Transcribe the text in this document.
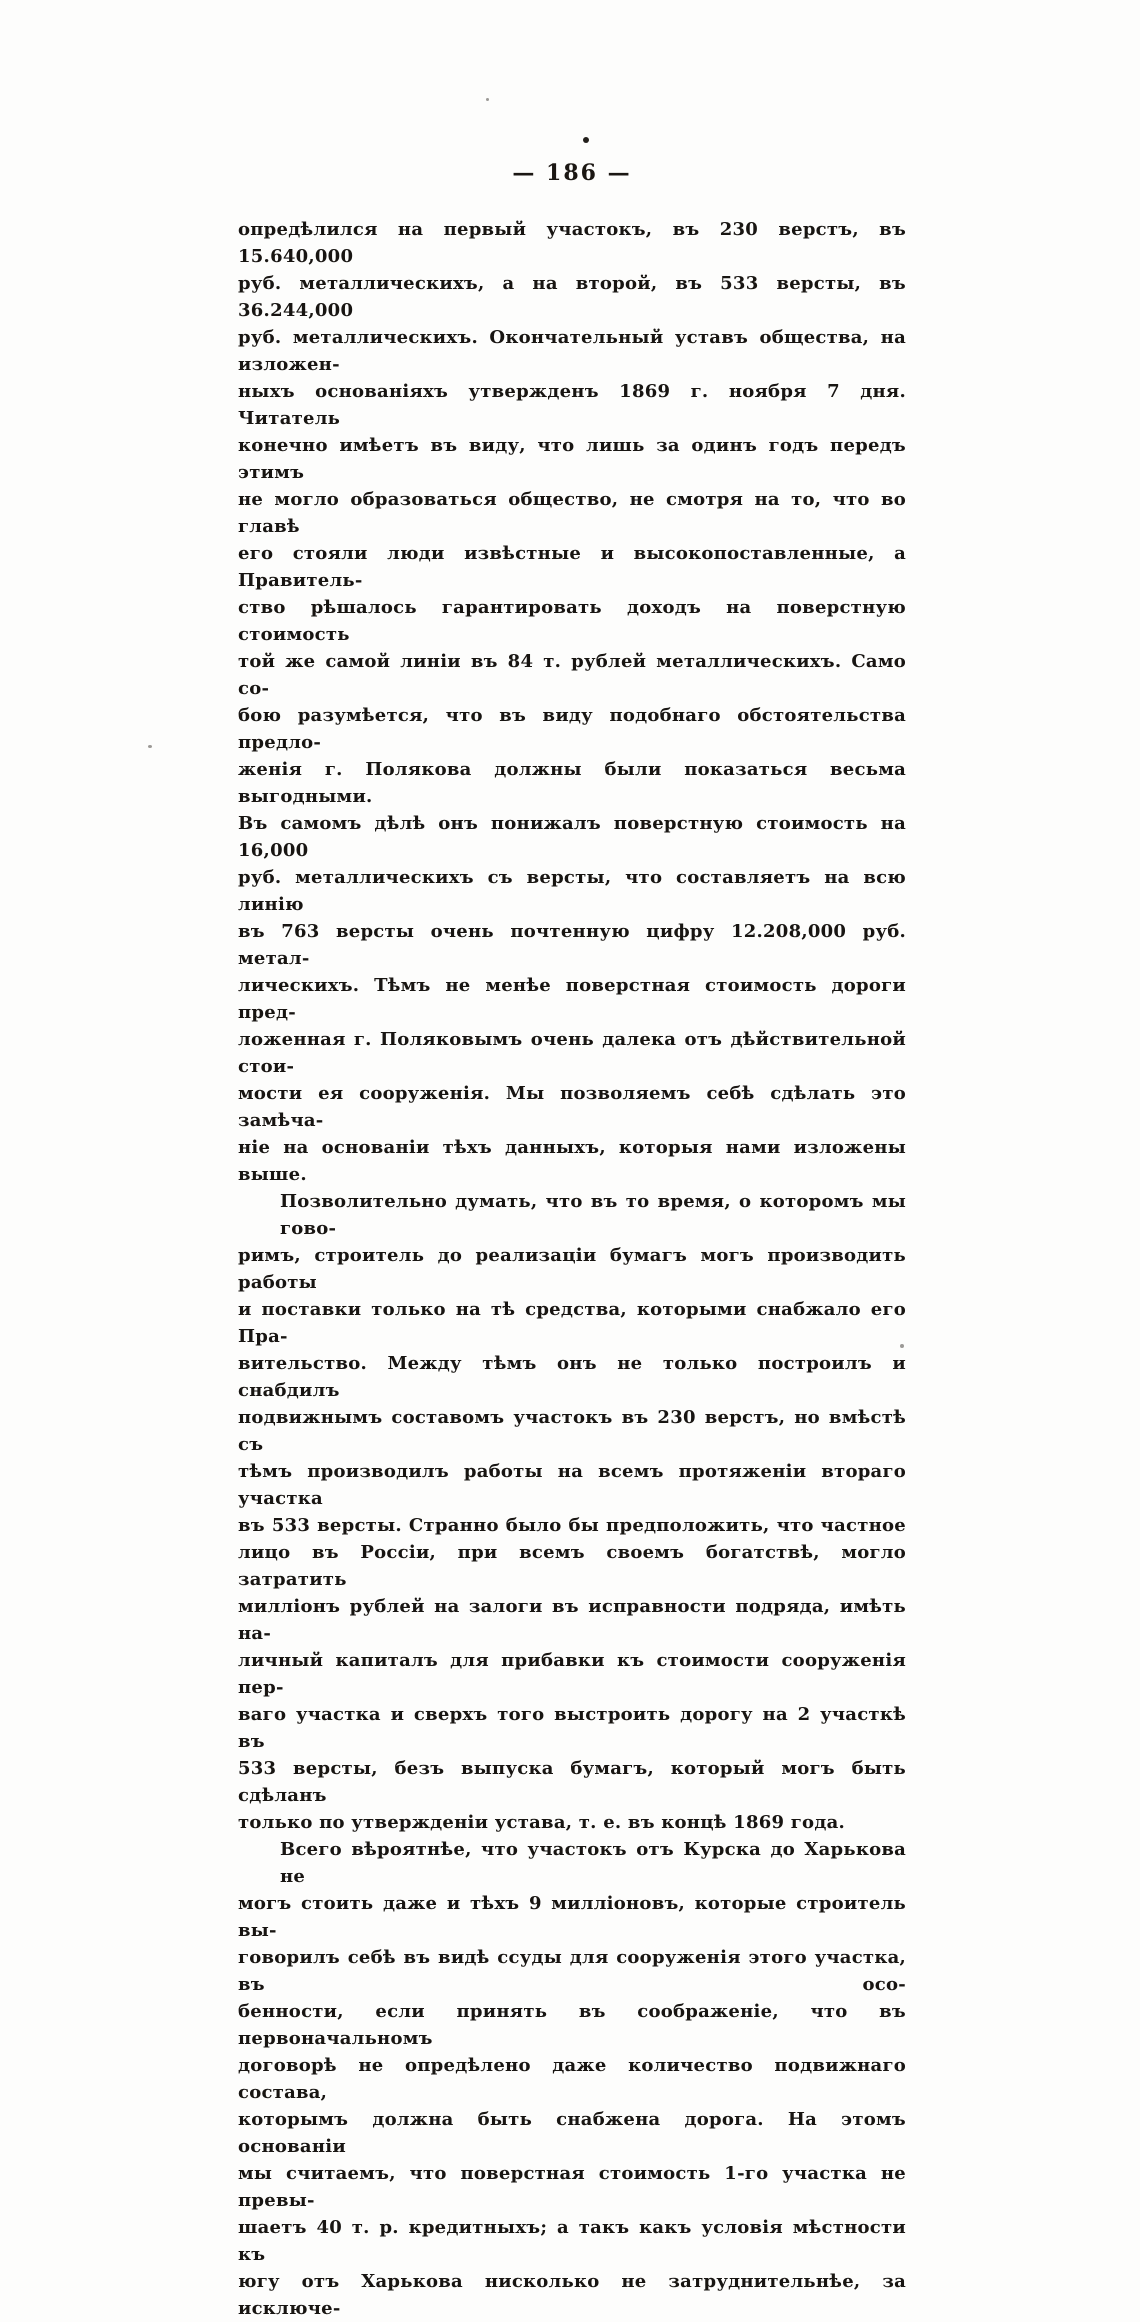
— 186 —
опредѣлился на первый участокъ, въ 230 верстъ, въ 15.640,000
руб. металлическихъ, а на второй, въ 533 версты, въ 36.244,000
руб. металлическихъ. Окончательный уставъ общества, на изложен-
ныхъ основаніяхъ утвержденъ 1869 г. ноября 7 дня. Читатель
конечно имѣетъ въ виду, что лишь за одинъ годъ передъ этимъ
не могло образоваться общество, не смотря на то, что во главѣ
его стояли люди извѣстные и высокопоставленные, а Правитель-
ство рѣшалось гарантировать доходъ на поверстную стоимость
той же самой линіи въ 84 т. рублей металлическихъ. Само со-
бою разумѣется, что въ виду подобнаго обстоятельства предло-
женія г. Полякова должны были показаться весьма выгодными.
Въ самомъ дѣлѣ онъ понижалъ поверстную стоимость на 16,000
руб. металлическихъ съ версты, что составляетъ на всю линію
въ 763 версты очень почтенную цифру 12.208,000 руб. метал-
лическихъ. Тѣмъ не менѣе поверстная стоимость дороги пред-
ложенная г. Поляковымъ очень далека отъ дѣйствительной стои-
мости ея сооруженія. Мы позволяемъ себѣ сдѣлать это замѣча-
ніе на основаніи тѣхъ данныхъ, которыя нами изложены выше.
Позволительно думать, что въ то время, о которомъ мы гово-
римъ, строитель до реализаціи бумагъ могъ производить работы
и поставки только на тѣ средства, которыми снабжало его Пра-
вительство. Между тѣмъ онъ не только построилъ и снабдилъ
подвижнымъ составомъ участокъ въ 230 верстъ, но вмѣстѣ съ
тѣмъ производилъ работы на всемъ протяженіи втораго участка
въ 533 версты. Странно было бы предположить, что частное
лицо въ Россіи, при всемъ своемъ богатствѣ, могло затратить
милліонъ рублей на залоги въ исправности подряда, имѣть на-
личный капиталъ для прибавки къ стоимости сооруженія пер-
ваго участка и сверхъ того выстроить дорогу на 2 участкѣ въ
533 версты, безъ выпуска бумагъ, который могъ быть сдѣланъ
только по утвержденіи устава, т. е. въ концѣ 1869 года.
Всего вѣроятнѣе, что участокъ отъ Курска до Харькова не
могъ стоить даже и тѣхъ 9 милліоновъ, которые строитель вы-
говорилъ себѣ въ видѣ ссуды для сооруженія этого участка, въ осо-
бенности, если принять въ соображеніе, что въ первоначальномъ
договорѣ не опредѣлено даже количество подвижнаго состава,
которымъ должна быть снабжена дорога. На этомъ основаніи
мы считаемъ, что поверстная стоимость 1-го участка не превы-
шаетъ 40 т. р. кредитныхъ; а такъ какъ условія мѣстности къ
югу отъ Харькова нисколько не затруднительнѣе, за исключе-
